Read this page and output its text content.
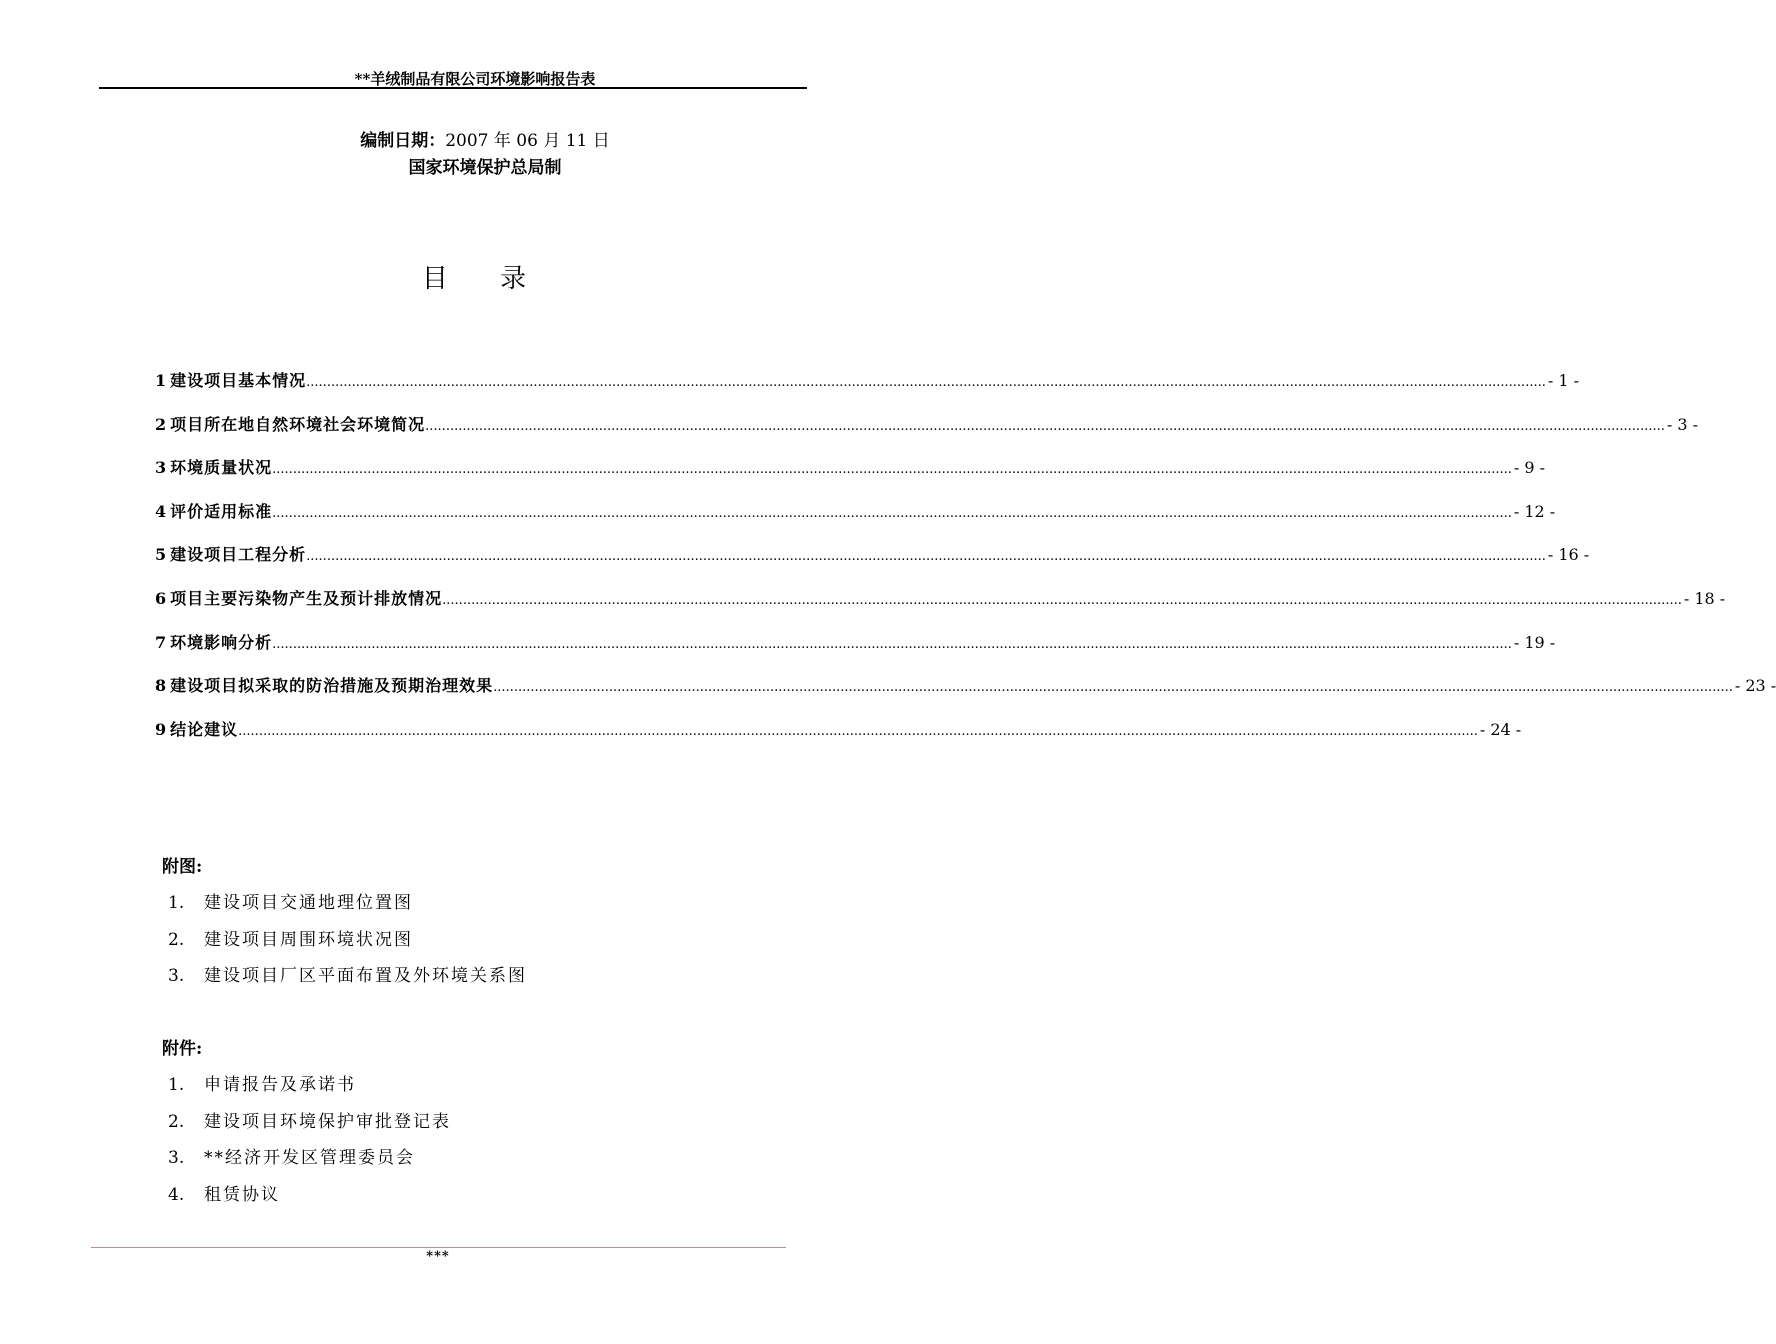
**羊绒制品有限公司环境影响报告表
编制日期：2007 年 06 月 11 日
国家环境保护总局制
目 录
1 建设项目基本情况 ............................................................................................................................................................................................................................................................................................................ - 1 -
2 项目所在地自然环境社会环境简况 ............................................................................................................................................................................................................................................................................................................ - 3 -
3 环境质量状况 ............................................................................................................................................................................................................................................................................................................ - 9 -
4 评价适用标准 ............................................................................................................................................................................................................................................................................................................ - 12 -
5 建设项目工程分析 ............................................................................................................................................................................................................................................................................................................ - 16 -
6 项目主要污染物产生及预计排放情况 ............................................................................................................................................................................................................................................................................................................ - 18 -
7 环境影响分析 ............................................................................................................................................................................................................................................................................................................ - 19 -
8 建设项目拟采取的防治措施及预期治理效果 ............................................................................................................................................................................................................................................................................................................ - 23 -
9 结论建议 ............................................................................................................................................................................................................................................................................................................ - 24 -
附图:
1.	建设项目交通地理位置图
2.	建设项目周围环境状况图
3.	建设项目厂区平面布置及外环境关系图
附件:
1.	申请报告及承诺书
2.	建设项目环境保护审批登记表
3.	**经济开发区管理委员会
4.	租赁协议
***
